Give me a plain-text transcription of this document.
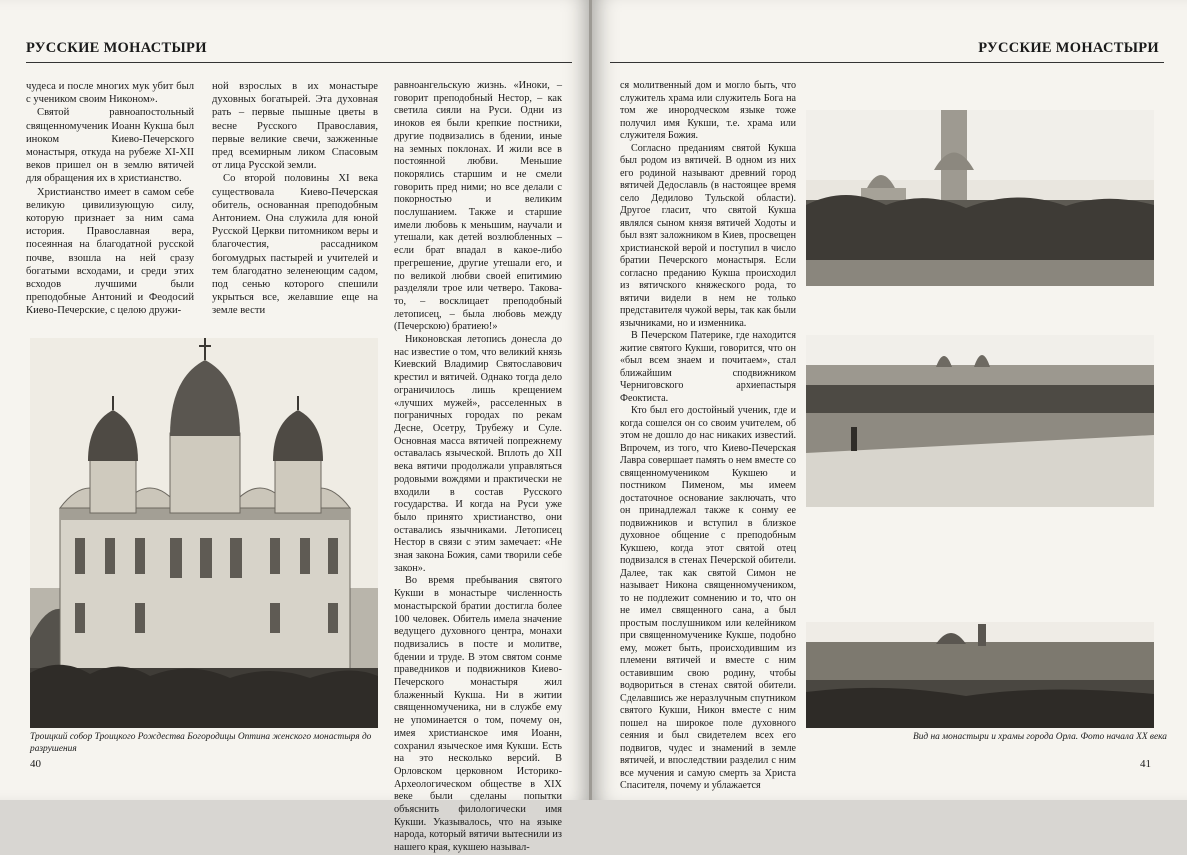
РУССКИЕ МОНАСТЫРИ

чудеса и после многих мук убит был с учеником своим Никоном».

Святой равноапостольный священномученик Иоанн Кукша был иноком Киево-Печерского монастыря, откуда на рубеже XI-XII веков пришел он в землю вятичей для обращения их в христианство.

Христианство имеет в самом себе великую цивилизующую силу, которую признает за ним сама история. Православная вера, посеянная на благодатной русской почве, взошла на ней сразу богатыми всходами, и среди этих всходов лучшими были преподобные Антоний и Феодосий Киево-Печерские, с целою дружи-

ной взрослых в их монастыре духовных богатырей. Эта духовная рать – первые пышные цветы в весне Русского Православия, первые великие свечи, зажженные пред всемирным ликом Спасовым от лица Русской земли.

Со второй половины XI века существовала Киево-Печерская обитель, основанная преподобным Антонием. Она служила для юной Русской Церкви питомником веры и благочестия, рассадником богомудрых пастырей и учителей и тем благодатно зеленеющим садом, под сенью которого спешили укрыться все, желавшие еще на земле вести

равноангельскую жизнь. «Иноки, – говорит преподобный Нестор, – как светила сияли на Руси. Одни из иноков ея были крепкие постники, другие подвизались в бдении, иные на земных поклонах. И жили все в постоянной любви. Меньшие покорялись старшим и не смели говорить пред ними; но все делали с покорностью и великим послушанием. Также и старшие имели любовь к меньшим, научали и утешали, как детей возлюбленных – если брат впадал в какое-либо прегрешение, другие утешали его, и по великой любви своей епитимию разделяли трое или четверо. Такова-то, – восклицает преподобный летописец, – была любовь между (Печерскою) братиею!»

Никоновская летопись донесла до нас известие о том, что великий князь Киевский Владимир Святославович крестил и вятичей. Однако тогда дело ограничилось лишь крещением «лучших мужей», расселенных в пограничных городах по рекам Десне, Осетру, Трубежу и Суле. Основная масса вятичей попрежнему оставалась языческой. Вплоть до XII века вятичи продолжали управляться родовыми вождями и практически не входили в состав Русского государства. И когда на Руси уже было принято христианство, они оставались язычниками. Летописец Нестор в связи с этим замечает: «Не зная закона Божия, сами творили себе закон».

Во время пребывания святого Кукши в монастыре численность монастырской братии достигла более 100 человек. Обитель имела значение ведущего духовного центра, монахи подвизались в посте и молитве, бдении и труде. В этом святом сонме праведников и подвижников Киево-Печерского монастыря жил блаженный Кукша. Ни в житии священномученика, ни в службе ему не упоминается о том, почему он, имея христианское имя Иоанн, сохранил языческое имя Кукши. Есть на это несколько версий. В Орловском церковном Историко-Археологическом обществе в XIX веке были сделаны попытки объяснить филологически имя Кукши. Указывалось, что на языке народа, который вятичи вытеснили из нашего края, кукшею называл-

Троицкий собор Троицкого Рождества Богородицы Оптина женского монастыря до разрушения
40
РУССКИЕ МОНАСТЫРИ

ся молитвенный дом и могло быть, что служитель храма или служитель Бога на том же инородческом языке тоже получил имя Кукши, т.е. храма или служителя Божия.

Согласно преданиям святой Кукша был родом из вятичей. В одном из них его родиной называют древний город вятичей Дедославль (в настоящее время село Дедилово Тульской области). Другое гласит, что святой Кукша являлся сыном князя вятичей Ходоты и был взят заложником в Киев, просвещен христианской верой и поступил в число братии Печерского монастыря. Если согласно преданию Кукша происходил из вятичского княжеского рода, то вятичи видели в нем не только представителя чужой веры, так как были язычниками, но и изменника.

В Печерском Патерике, где находится житие святого Кукши, говорится, что он «был всем знаем и почитаем», стал ближайшим сподвижником Черниговского архиепастыря Феоктиста.

Кто был его достойный ученик, где и когда сошелся он со своим учителем, об этом не дошло до нас никаких известий. Впрочем, из того, что Киево-Печерская Лавра совершает память о нем вместе со священномучеником Кукшею и постником Пименом, мы имеем достаточное основание заключать, что он принадлежал также к сонму ее подвижников и вступил в близкое духовное общение с преподобным Кукшею, когда этот святой отец подвизался в стенах Печерской обители. Далее, так как святой Симон не называет Никона священномучеником, то не подлежит сомнению и то, что он не имел священного сана, а был простым послушником или келейником при священномученике Кукше, подобно ему, может быть, происходившим из племени вятичей и вместе с ним оставившим свою родину, чтобы водвориться в стенах святой обители. Сделавшись же неразлучным спутником святого Кукши, Никон вместе с ним пошел на широкое поле духовного сеяния и был свидетелем всех его подвигов, чудес и знамений в земле вятичей, и впоследствии разделил с ним все мучения и самую смерть за Христа Спасителя, почему и ублажается

Вид на монастыри и храмы города Орла. Фото начала XX века
41
